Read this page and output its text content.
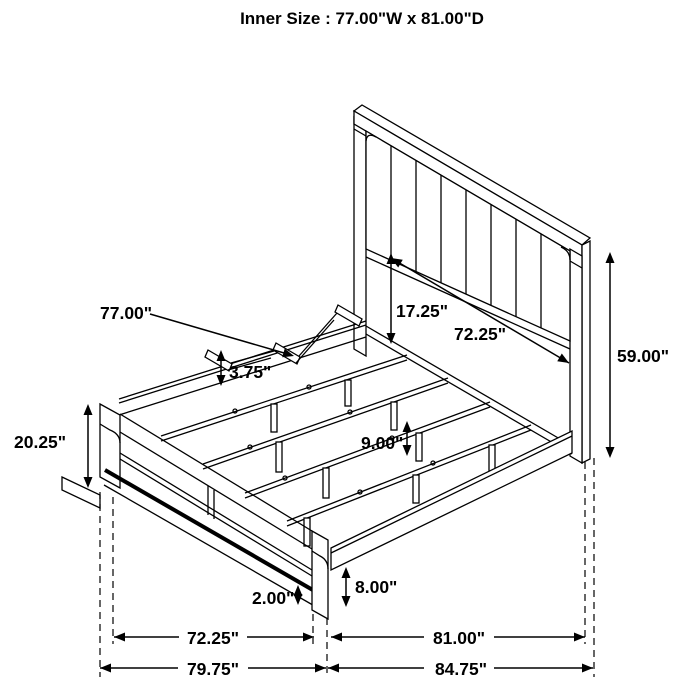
Inner Size : 77.00"W x 81.00"D
77.00"
3.75"
17.25"
72.25"
59.00"
20.25"	9.00"
8.00"
2.00"
72.25"	81.00"
79.75"	84.75"
